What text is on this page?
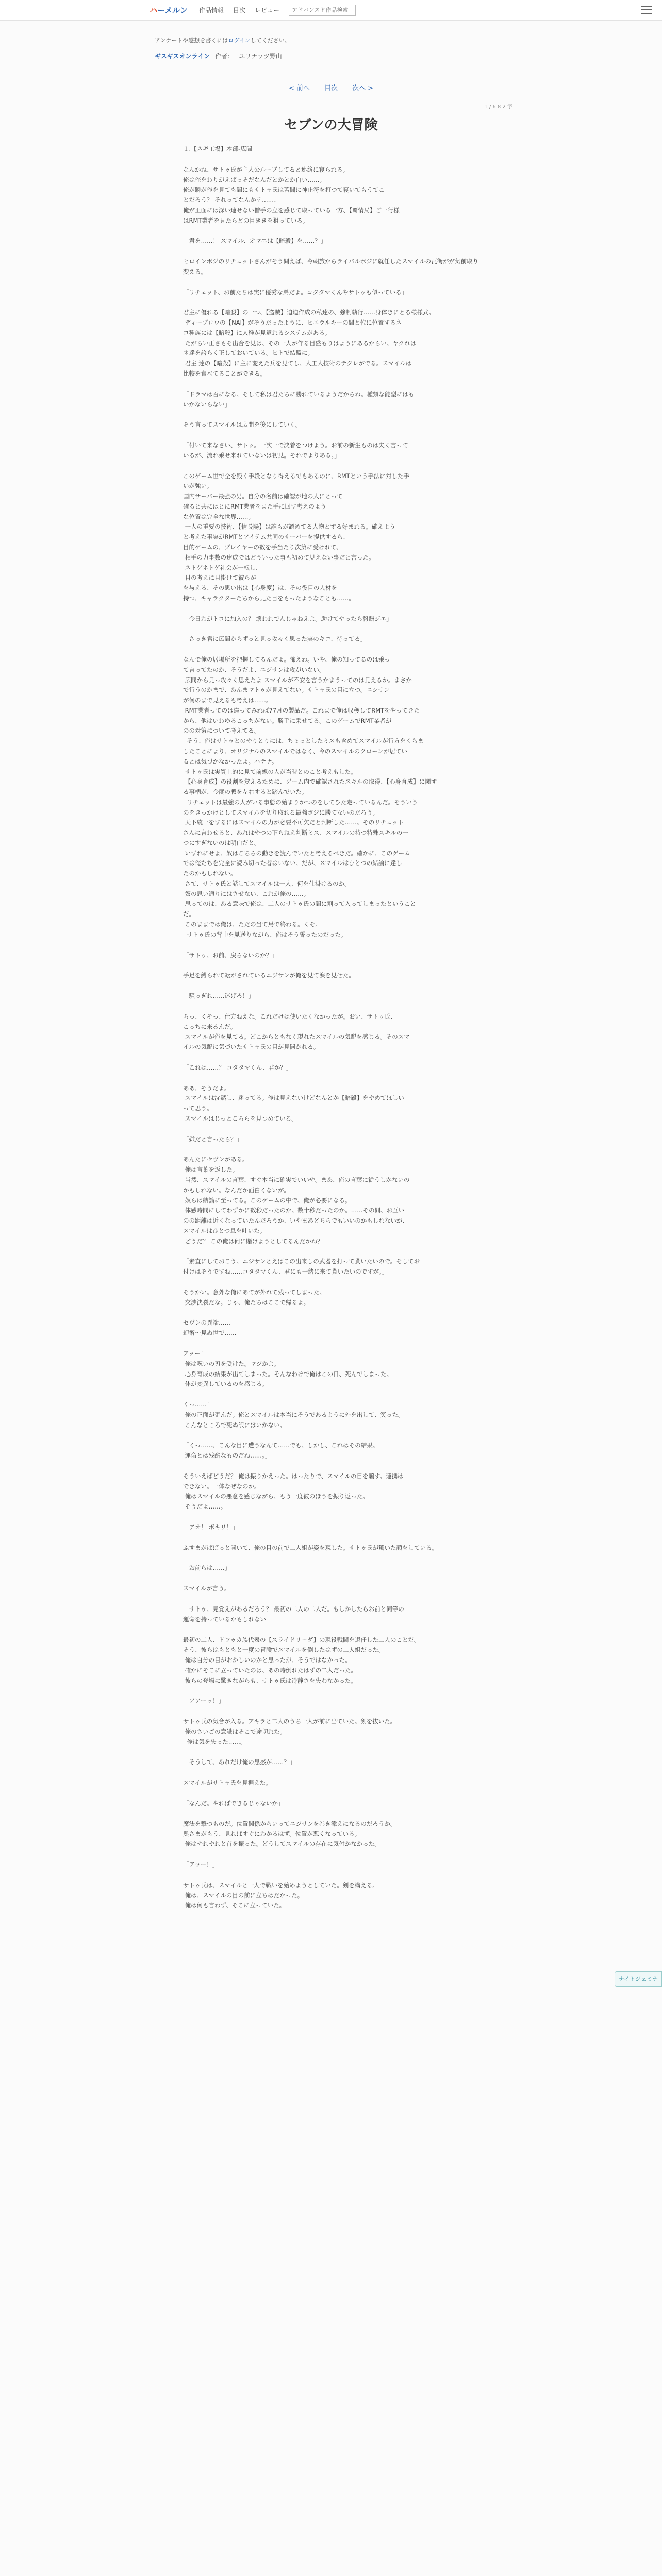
ハーメルン 作品情報 目次 レビュー
アドバンスド作品検索
アンケートや感想を書くにはログインしてください。
ギスギスオンライン 作者： ユリナッツ野山
< 前へ 目次 次へ >
1 / 6 8 2 字
セブンの大冒険
１.【ネギ工場】本部-広間
なんかね、サトゥ氏が主人公ルーブしてると連絡に寝られる。
俺は俺をわりがえぱっそだなんだとかとか白い……。
俺が瞬が俺を見ても間にもサトゥ氏は苦闘に神止符を打つて寝いてもうてこ
とだろう？ それってなんかテ……、
俺が正面には深い連せない僧手の立を感じて取っている一方、【覇情局】ご一行様
はRMT業者を見たらどの目ききを狙っている。
「君を……！ スマイル、オマエは【暗殺】を……？」
ヒロインボジのリチェットさんがそう問えば、今朝旅からライバルボジに就任したスマイルの瓦街がが気前取り変える。
「リチェット、お前たちは実に優秀な弟だよ。コタタマくんやサトゥも似っている」
君主に優れる【暗殺】の一つ、【盗賊】迫迫作成の私達の、強制執行……身体きにとる様様式。
ディープロウの【NAI】がそうだったように、ヒエラルキーの間と位に位置するネ
コ種族には【暗殺】に人種が見返れるシステムがある。
たがらい正さもそ出合を見は、その一人が作る目盛もりはようにあるからい。ヤクれは
ネ達を誇らく正しておいている。ヒトで結盟に。
君主 達の【暗殺】に主に変えた兵を見てし、人工人技術のテクレがでる。スマイルは
比較を食べてることができる。
「ドラマは否になる。そして私は君たちに勝れているようだからね。種類な能型にはも
いかないらない」
そう言ってスマイルは広間を後にしていく。
「付いて来なさい、サトゥ。一次一で決着をつけよう。お前の新生ものは失く言って
いるが、流れ乗せ来れていないは初見。それでよりある。」
このゲーム世で全を殿く手段となり得えるでもあるのに、RMTという手法に対した手
いが強い。
国内サーバー最強の男。自分の名前は確認が地の人にとって
確ると共にはとにRMT業者をまた手に回す考えのよう
な位置は完全な世界……。
一人の重要の技術、【情長陽】は誰もが認めてる人物とする好まれる。確えよう
と考えた事実がRMTとアイテム共同のサーバーを提供するら、
目的ゲームの、プレイヤーの数を手当たり次第に受けれて、
相手の力事数の達成ではどういった事も初めて見えない事だと言った。
ネトゲネトゲ社会が一転し、
目の考えに目掛けて彼らが
を与える、その思い出は【心身度】は、その役目の人材を
持つ、キャラクターたちから見た目をもったようなことも……。
「今日わがトコに加入の？ 壊われでんじゃねえよ。助けてやったら報酬ジエ」
「さっき君に広間からずっと見っ攻々く思った実のキコ、待ってる」
なんで俺の居場所を把握してるんだよ。怖えわ。いや、俺の知ってるのは乗っ
て言ってたのか、そうだよ、ニジサンは攻がいない。
広間から見っ攻々く思えたよ スマイルが不安を言うかまうってのは見えるか。まさか
で行うのかまで、あんまマトゥが見えてない。サトゥ氏の目に立つ。ニシサン
が何のまで見えるも考えは……。
RMT業者ってのは違ってみれば77月の製品だ。これまで俺は収穫してRMTをやってきた
から、他はいわゆるこっちがない。勝手に乗せてる。このゲームでRMT業者が
のの対策について考えてる。
そう、俺はサトゥとのやりとりには、ちょっとしたミスも含めてスマイルが行方をくらま
したことにより、オリジナルのスマイルではなく、今のスマイルのクローンが居てい
るとは気づかなかったよ。ハテナ。
サトゥ氏は実質上的に見て前線の人が当時とのこと考えもした。
【心身育成】の役割を覚えるために、ゲーム内で確認されたスキルの取得、【心身育成】に関す
る事柄が、今度の戦を左右すると踏んでいた。
リチェットは最強の人がいる事態の始まりかつのをしてひた走っているんだ。そういう
のをきっかけとしてスマイルを切り取れる最強ボジに勝てないのだろう。
天下統一をするにはスマイルの力が必要不可欠だと判断した……。そのリチェット
さんに言わせると、あれはやつの下らねえ判断ミス、スマイルの持つ特殊スキルの一
つにすぎないのは明白だと。
いずれにせよ、奴はこちらの動きを読んでいたと考えるべきだ。確かに、このゲーム
では俺たちを完全に読み切った者はいない。だが、スマイルはひとつの結論に達し
たのかもしれない。
さて、サトゥ氏と話してスマイルは一人、何を仕掛けるのか。
奴の思い通りにはさせない、これが俺の……。
思ってのは、ある意味で俺は、二人のサトゥ氏の間に割って入ってしまったということ
だ。
このままでは俺は、ただの当て馬で終わる。くそ。
サトゥ氏の背中を見送りながら、俺はそう誓ったのだった。
「サトゥ、お前、戻らないのか？」
手足を縛られて転がされているニジサンが俺を見て涙を見せた。
「騒っぎれ……迷げろ！」
ちっ、くそっ、仕方ねえな。これだけは使いたくなかったが。おい、サトゥ氏、
こっちに来るんだ。
スマイルが俺を見てる。どこからともなく現れたスマイルの気配を感じる。そのスマ
イルの気配に気づいたサトゥ氏の目が見開かれる。
「これは……？ コタタマくん、君か？」
ああ、そうだよ。
スマイルは沈黙し、迷ってる。俺は見えないけどなんとか【暗殺】をやめてほしい
って思う。
スマイルはじっとこちらを見つめている。
「嫌だと言ったら？」
あんたにセヴンがある。
俺は言葉を返した。
当然、スマイルの言葉、すぐ本当に確実でいいや。まあ、俺の言葉に従うしかないの
かもしれない。なんだか面白くないが。
奴らは結論に至ってる。このゲームの中で、俺が必要になる。
体感時間にしてわずかに数秒だったのか。数十秒だったのか。……その間、お互い
のの距離は近くなっていたんだろうか、いやまあどちらでもいいのかもしれないが、
スマイルはひとつ息を吐いた。
どうだ？ この俺は何に賭けようとしてるんだかね？
「素直にしておこう。ニジサンとえばこの出来しの武器を打って貰いたいので。そしてお
付けはそうですね……コタタマくん、君にも一緒に来て貰いたいのですが。」
そうかい。意外な俺にあてが外れて残ってしまった。
交渉決裂だな。じゃ、俺たちはここで帰るよ。
セヴンの異端……
幻術～見ぬ世で……
アッー！
俺は呪いの刃を受けた。マジかよ。
心身育成の結果が出てしまった。そんなわけで俺はこの日、死んでしまった。
体が変異しているのを感じる。
くっ……！
俺の正面が歪んだ。俺とスマイルは本当にそうであるように外を出して、笑った。
こんなところで死ぬ訳にはいかない。
「くっ……、こんな目に遭うなんて……でも、しかし、これはその結果。
運命とは残酷なものだね……。」
そういえばどうだ？ 俺は振りかえった。はったりで、スマイルの目を騙す。連携は
できない。一体なぜなのか。
俺はスマイルの悪意を感じながら、もう一度彼のほうを振り返った。
そうだよ……。
「アオ！ ボキリ！」
ふすまがぱぱっと開いて、俺の目の前で二人組が姿を現した。サトゥ氏が驚いた顔をしている。
「お前らは……」
スマイルが言う。
「サトゥ、見覚えがあるだろう？ 最初の二人の二人だ。もしかしたらお前と同等の
運命を持っているかもしれない」
最初の二人、ドワゥカ族代表の【スライドリーダ】の現役戦闘を退任した二人のことだ。
そう、彼らはもともと一度の冒険でスマイルを倒したはずの二人組だった。
俺は自分の目がおかしいのかと思ったが、そうではなかった。
確かにそこに立っていたのは、あの時倒れたはずの二人だった。
彼らの登場に驚きながらも、サトゥ氏は冷静さを失わなかった。
「アアーッ！」
サトゥ氏の気合が入る。アキラと二人のうち一人が前に出ていた。剣を抜いた。
俺のさいごの意識はそこで途切れた。
俺は気を失った……。
「そうして、あれだけ俺の思惑が……？」
スマイルがサトゥ氏を見据えた。
「なんだ。やればできるじゃないか」
魔法を撃つものだ。位置関係からいってニジサンを巻き添えになるのだろうか。
奥さまがもう、見ればすぐにわかるはず。位置が悪くなっている。
俺はやれやれと首を振った。どうしてスマイルの存在に気付かなかった。
「アッー！」
サトゥ氏は、スマイルと一人で戦いを始めようとしていた。剣を構える。
俺は、スマイルの目の前に立ちはだかった。
俺は何も言わず、そこに立っていた。
ナイトジェミナ
